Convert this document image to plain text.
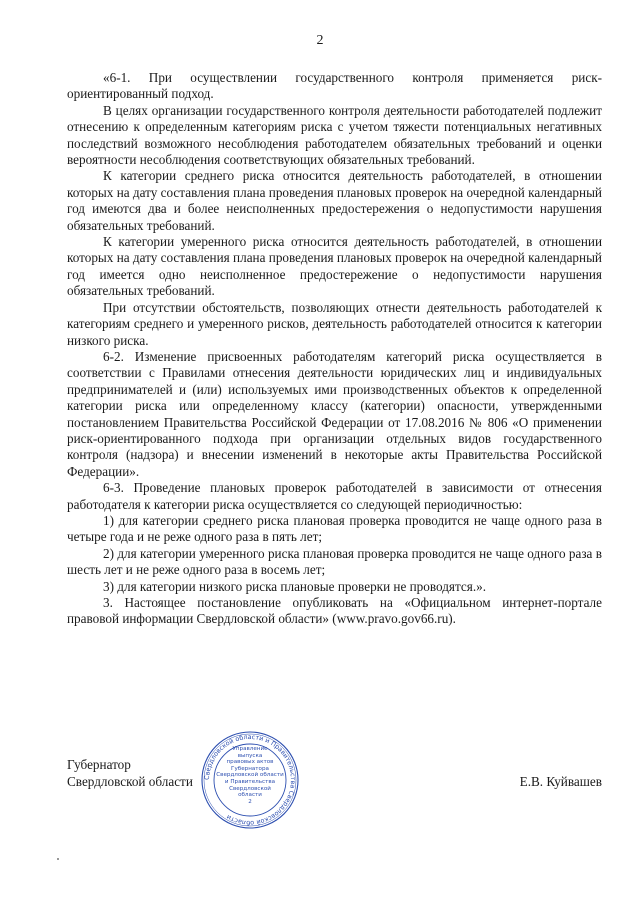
2

«6-1. При осуществлении государственного контроля применяется риск-ориентированный подход.

В целях организации государственного контроля деятельности работодателей подлежит отнесению к определенным категориям риска с учетом тяжести потенциальных негативных последствий возможного несоблюдения работодателем обязательных требований и оценки вероятности несоблюдения соответствующих обязательных требований.

К категории среднего риска относится деятельность работодателей, в отношении которых на дату составления плана проведения плановых проверок на очередной календарный год имеются два и более неисполненных предостережения о недопустимости нарушения обязательных требований.

К категории умеренного риска относится деятельность работодателей, в отношении которых на дату составления плана проведения плановых проверок на очередной календарный год имеется одно неисполненное предостережение о недопустимости нарушения обязательных требований.

При отсутствии обстоятельств, позволяющих отнести деятельность работодателей к категориям среднего и умеренного рисков, деятельность работодателей относится к категории низкого риска.

6-2. Изменение присвоенных работодателям категорий риска осуществляется в соответствии с Правилами отнесения деятельности юридических лиц и индивидуальных предпринимателей и (или) используемых ими производственных объектов к определенной категории риска или определенному классу (категории) опасности, утвержденными постановлением Правительства Российской Федерации от 17.08.2016 № 806 «О применении риск-ориентированного подхода при организации отдельных видов государственного контроля (надзора) и внесении изменений в некоторые акты Правительства Российской Федерации».

6-3. Проведение плановых проверок работодателей в зависимости от отнесения работодателя к категории риска осуществляется со следующей периодичностью:

1) для категории среднего риска плановая проверка проводится не чаще одного раза в четыре года и не реже одного раза в пять лет;

2) для категории умеренного риска плановая проверка проводится не чаще одного раза в шесть лет и не реже одного раза в восемь лет;

3) для категории низкого риска плановые проверки не проводятся.».

3. Настоящее постановление опубликовать на «Официальном интернет-портале правовой информации Свердловской области» (www.pravo.gov66.ru).

Губернатор
Свердловской области	Е.В. Куйвашев
Свердловской области и Правительства Свердловской области
Управление
выпуска
правовых актов
Губернатора
Свердловской области
и Правительства
Свердловской
области
2
